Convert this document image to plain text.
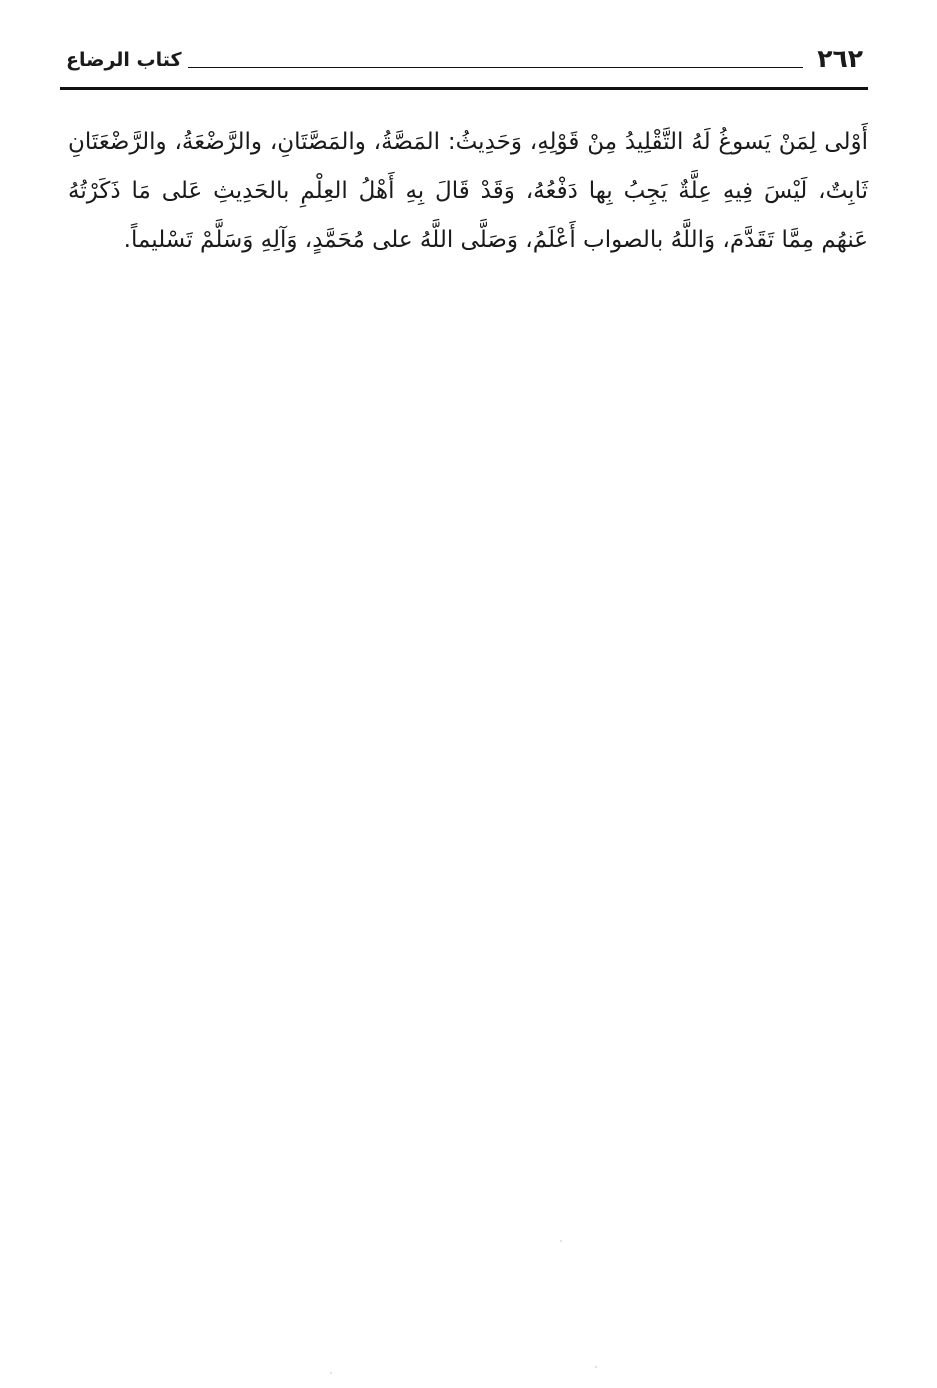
كتاب الرضاع	٢٦٢

أَوْلى لِمَنْ يَسوغُ لَهُ التَّقْلِيدُ مِنْ قَوْلِهِ، وَحَدِيثُ: المَصَّةُ، والمَصَّتَانِ، والرَّضْعَةُ، والرَّضْعَتَانِ ثَابِتٌ، لَيْسَ فِيهِ عِلَّةٌ يَجِبُ بِها دَفْعُهُ، وَقَدْ قَالَ بِهِ أَهْلُ العِلْمِ بالحَدِيثِ عَلى مَا ذَكَرْتُهُ عَنهُم مِمَّا تَقَدَّمَ، وَاللَّهُ بالصواب أَعْلَمُ، وَصَلَّى اللَّهُ على مُحَمَّدٍ، وَآلِهِ وَسَلَّمْ تَسْليماً.
